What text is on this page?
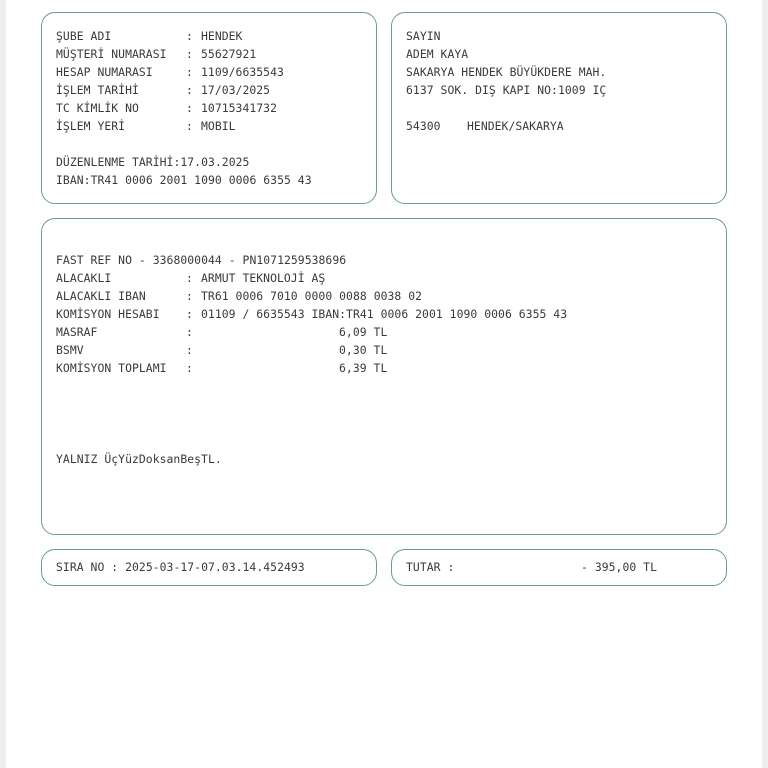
ŞUBE ADI	: HENDEK
MÜŞTERİ NUMARASI : 55627921
HESAP NUMARASI	: 1109/6635543
İŞLEM TARİHİ	: 17/03/2025
TC KİMLİK NO	: 10715341732
İŞLEM YERİ	: MOBIL
DÜZENLENME TARİHİ:17.03.2025
IBAN:TR41 0006 2001 1090 0006 6355 43
SAYIN
ADEM KAYA
SAKARYA HENDEK BÜYÜKDERE MAH.
6137 SOK. DIŞ KAPI NO:1009 IÇ
54300 HENDEK/SAKARYA
FAST REF NO - 3368000044 - PN1071259538696
ALACAKLI	: ARMUT TEKNOLOJİ AŞ
ALACAKLI IBAN	: TR61 0006 7010 0000 0088 0038 02
KOMİSYON HESABI : 01109 / 6635543 IBAN:TR41 0006 2001 1090 0006 6355 43
MASRAF	:	6,09 TL
BSMV	:	0,30 TL
KOMİSYON TOPLAMI :	6,39 TL
YALNIZ ÜçYüzDoksanBeşTL.
SIRA NO : 2025-03-17-07.03.14.452493	TUTAR :	- 395,00 TL
